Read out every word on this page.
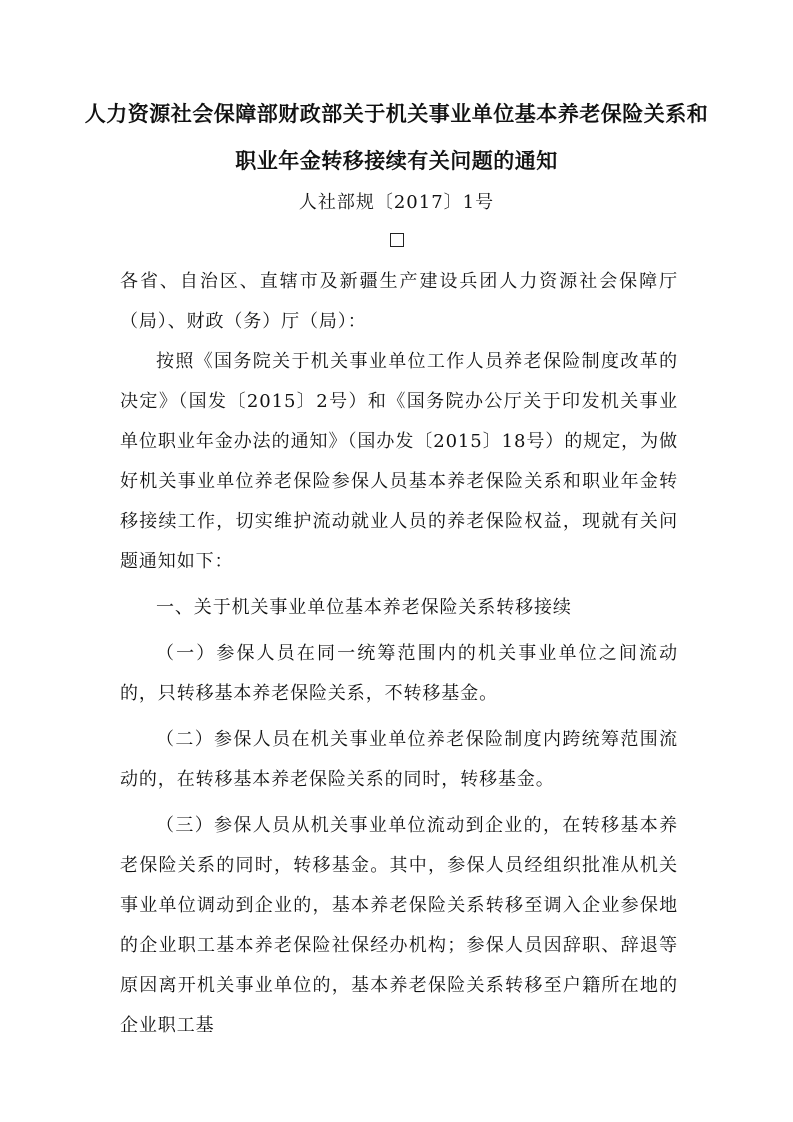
人力资源社会保障部财政部关于机关事业单位基本养老保险关系和
职业年金转移接续有关问题的通知
人社部规〔2017〕1号

各省、自治区、直辖市及新疆生产建设兵团人力资源社会保障厅（局）、财政（务）厅（局）：

按照《国务院关于机关事业单位工作人员养老保险制度改革的决定》（国发〔2015〕2号）和《国务院办公厅关于印发机关事业单位职业年金办法的通知》（国办发〔2015〕18号）的规定，为做好机关事业单位养老保险参保人员基本养老保险关系和职业年金转移接续工作，切实维护流动就业人员的养老保险权益，现就有关问题通知如下：

一、关于机关事业单位基本养老保险关系转移接续

（一）参保人员在同一统筹范围内的机关事业单位之间流动的，只转移基本养老保险关系，不转移基金。

（二）参保人员在机关事业单位养老保险制度内跨统筹范围流动的，在转移基本养老保险关系的同时，转移基金。

（三）参保人员从机关事业单位流动到企业的，在转移基本养老保险关系的同时，转移基金。其中，参保人员经组织批准从机关事业单位调动到企业的，基本养老保险关系转移至调入企业参保地的企业职工基本养老保险社保经办机构；参保人员因辞职、辞退等原因离开机关事业单位的，基本养老保险关系转移至户籍所在地的企业职工基
